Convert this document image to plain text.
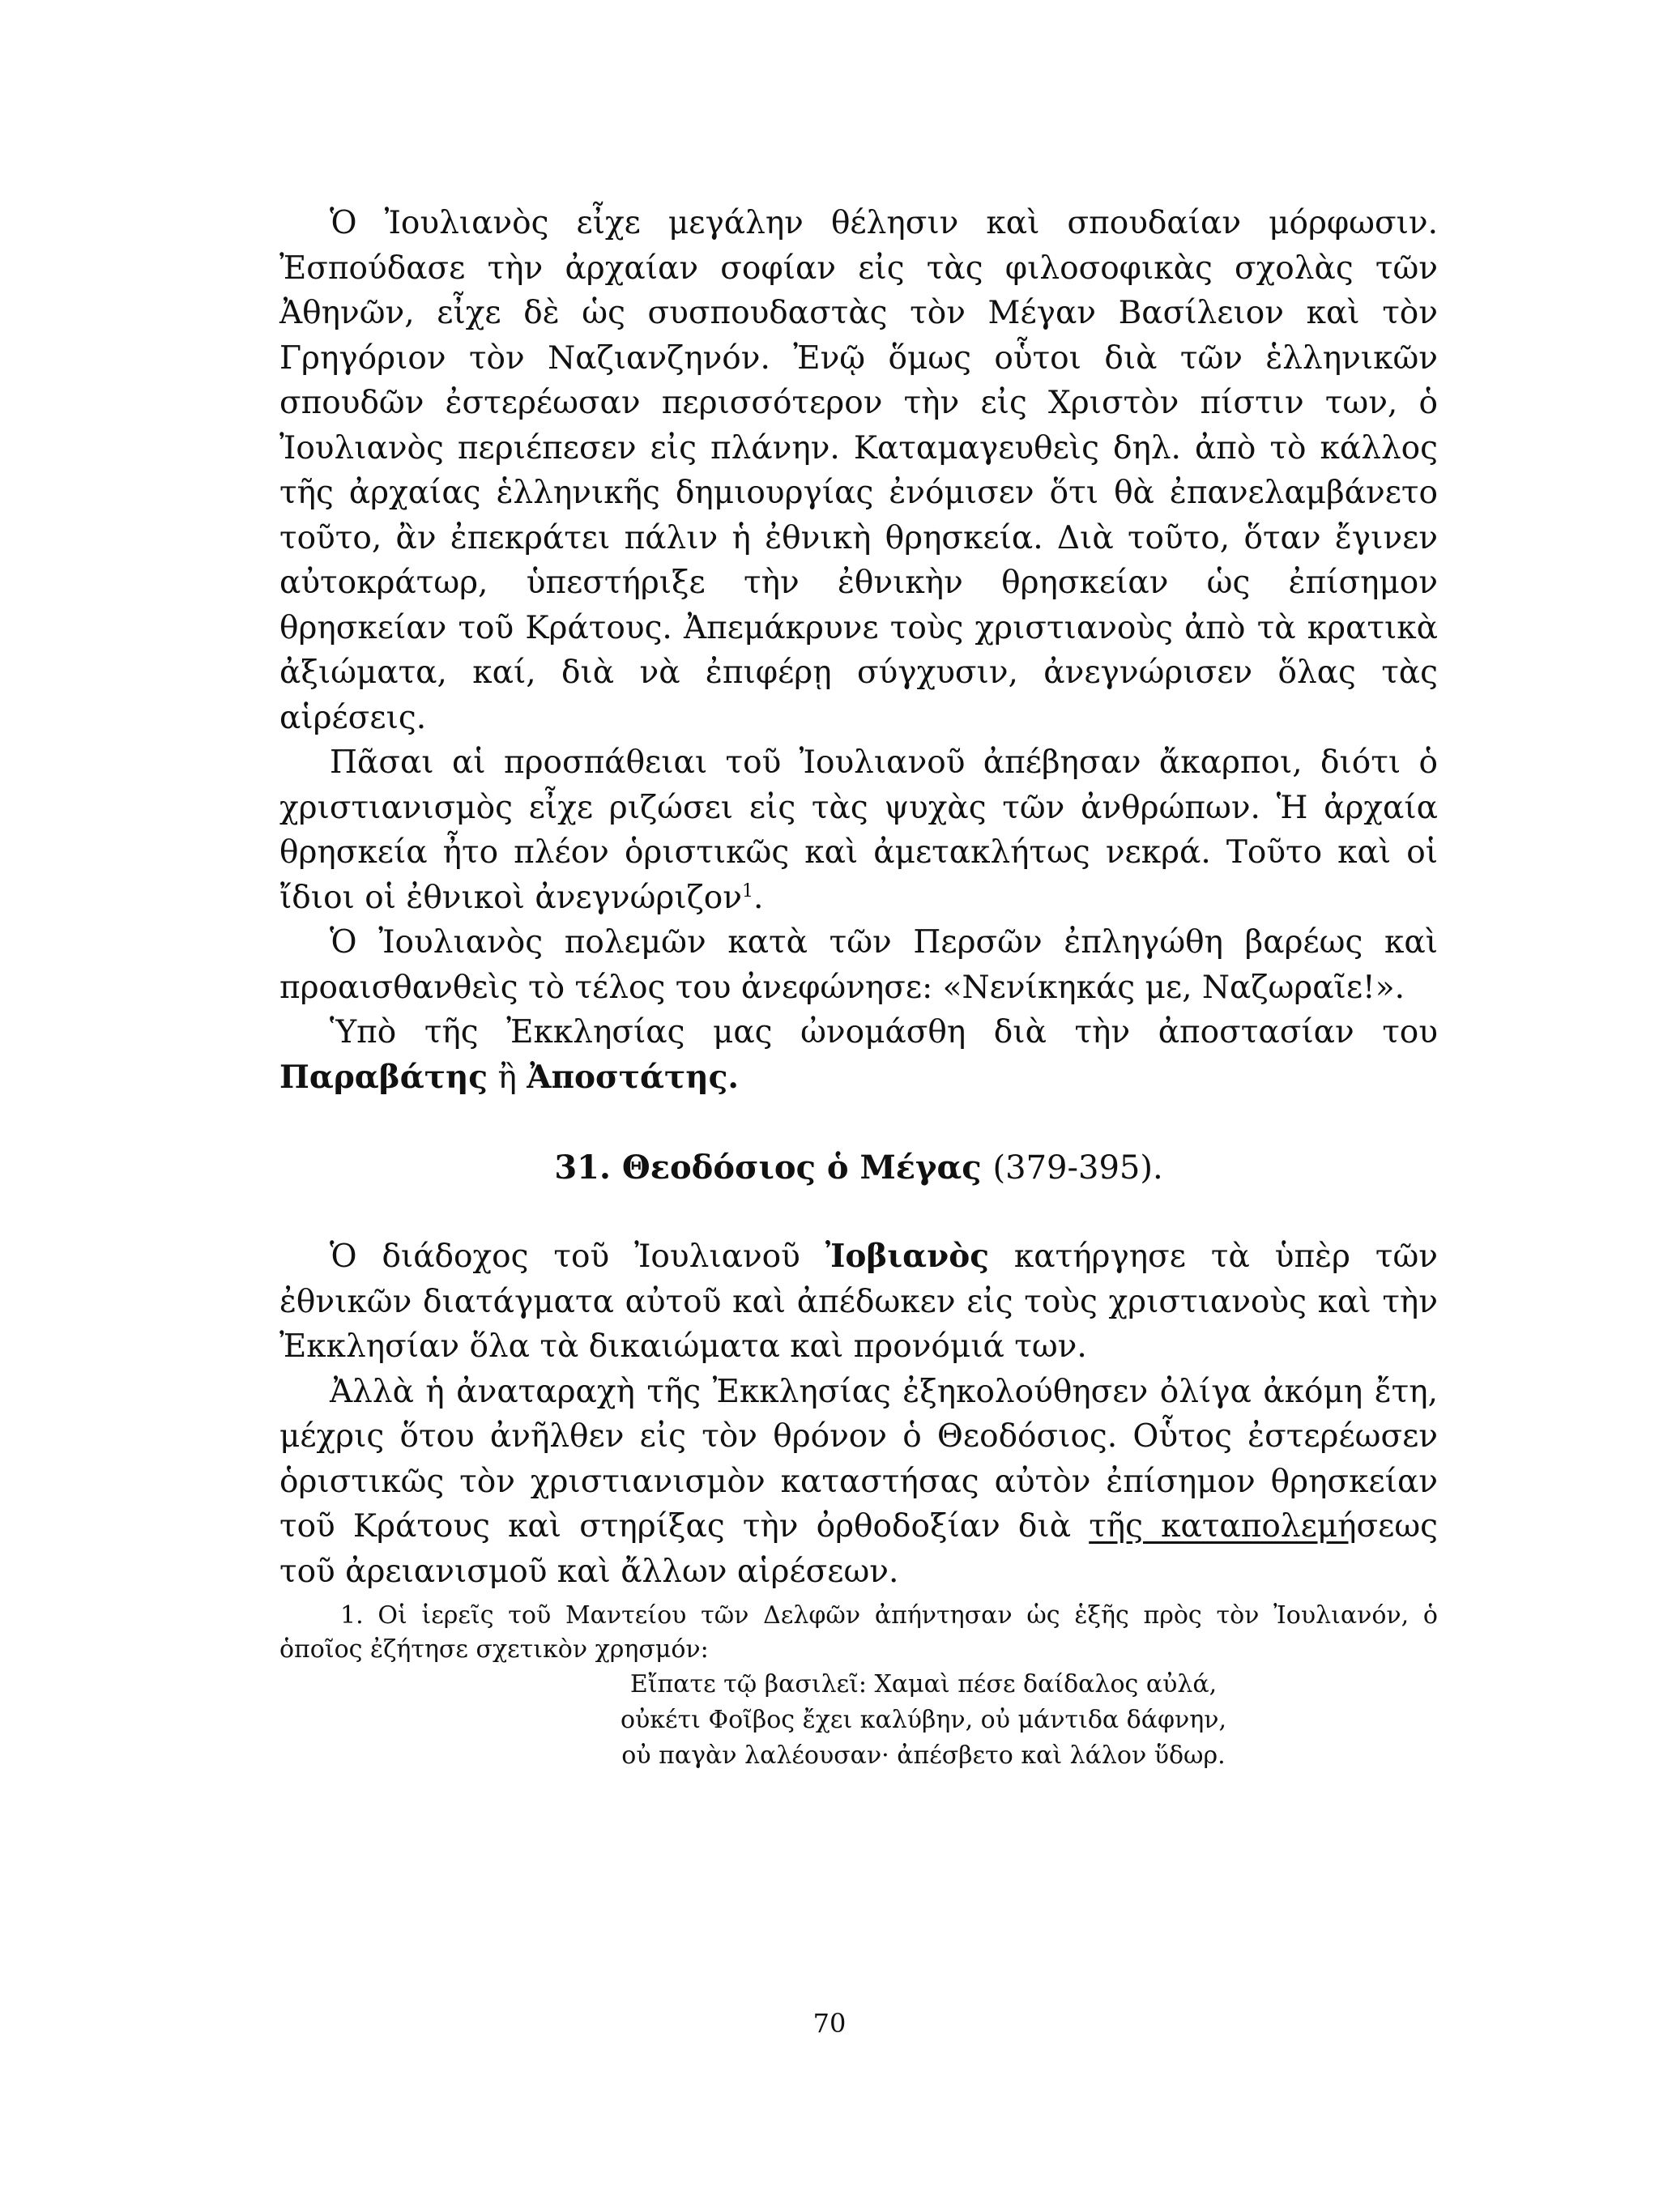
Ὁ Ἰουλιανὸς εἶχε μεγάλην θέλησιν καὶ σπουδαίαν μόρφωσιν. Ἐσπούδασε τὴν ἀρχαίαν σοφίαν εἰς τὰς φιλοσοφικὰς σχολὰς τῶν Ἀθηνῶν, εἶχε δὲ ὡς συσπουδαστὰς τὸν Μέγαν Βασίλειον καὶ τὸν Γρηγόριον τὸν Ναζιανζηνόν. Ἐνῷ ὅμως οὗτοι διὰ τῶν ἑλληνικῶν σπουδῶν ἐστερέωσαν περισσότερον τὴν εἰς Χριστὸν πίστιν των, ὁ Ἰουλιανὸς περιέπεσεν εἰς πλάνην. Καταμαγευθεὶς δηλ. ἀπὸ τὸ κάλλος τῆς ἀρχαίας ἑλληνικῆς δημιουργίας ἐνόμισεν ὅτι θὰ ἐπανελαμβάνετο τοῦτο, ἂν ἐπεκράτει πάλιν ἡ ἐθνικὴ θρησκεία. Διὰ τοῦτο, ὅταν ἔγινεν αὐτοκράτωρ, ὑπεστήριξε τὴν ἐθνικὴν θρησκείαν ὡς ἐπίσημον θρησκείαν τοῦ Κράτους. Ἀπεμάκρυνε τοὺς χριστιανοὺς ἀπὸ τὰ κρατικὰ ἀξιώματα, καί, διὰ νὰ ἐπιφέρῃ σύγχυσιν, ἀνεγνώρισεν ὅλας τὰς αἱρέσεις.

Πᾶσαι αἱ προσπάθειαι τοῦ Ἰουλιανοῦ ἀπέβησαν ἄκαρποι, διότι ὁ χριστιανισμὸς εἶχε ριζώσει εἰς τὰς ψυχὰς τῶν ἀνθρώπων. Ἡ ἀρχαία θρησκεία ἦτο πλέον ὁριστικῶς καὶ ἀμετακλήτως νεκρά. Τοῦτο καὶ οἱ ἴδιοι οἱ ἐθνικοὶ ἀνεγνώριζον$^1$.

Ὁ Ἰουλιανὸς πολεμῶν κατὰ τῶν Περσῶν ἐπληγώθη βαρέως καὶ προαισθανθεὶς τὸ τέλος του ἀνεφώνησε: «Νενίκηκάς με, Ναζωραῖε!».

Ὑπὸ τῆς Ἐκκλησίας μας ὠνομάσθη διὰ τὴν ἀποστασίαν του Παραβάτης ἢ Ἀποστάτης.

31. Θεοδόσιος ὁ Μέγας (379-395).

Ὁ διάδοχος τοῦ Ἰουλιανοῦ Ἰοβιανὸς κατήργησε τὰ ὑπὲρ τῶν ἐθνικῶν διατάγματα αὐτοῦ καὶ ἀπέδωκεν εἰς τοὺς χριστιανοὺς καὶ τὴν Ἐκκλησίαν ὅλα τὰ δικαιώματα καὶ προνόμιά των.

Ἀλλὰ ἡ ἀναταραχὴ τῆς Ἐκκλησίας ἐξηκολούθησεν ὀλίγα ἀκόμη ἔτη, μέχρις ὅτου ἀνῆλθεν εἰς τὸν θρόνον ὁ Θεοδόσιος. Οὗτος ἐστερέωσεν ὁριστικῶς τὸν χριστιανισμὸν καταστήσας αὐτὸν ἐπίσημον θρησκείαν τοῦ Κράτους καὶ στηρίξας τὴν ὀρθοδοξίαν διὰ τῆς καταπολεμήσεως τοῦ ἀρειανισμοῦ καὶ ἄλλων αἱρέσεων.

1. Οἱ ἱερεῖς τοῦ Μαντείου τῶν Δελφῶν ἀπήντησαν ὡς ἑξῆς πρὸς τὸν Ἰουλιανόν, ὁ ὁποῖος ἐζήτησε σχετικὸν χρησμόν:

Εἴπατε τῷ βασιλεῖ: Χαμαὶ πέσε δαίδαλος αὐλά,

οὐκέτι Φοῖβος ἔχει καλύβην, οὐ μάντιδα δάφνην,

οὐ παγὰν λαλέουσαν· ἀπέσβετο καὶ λάλον ὕδωρ.

70
